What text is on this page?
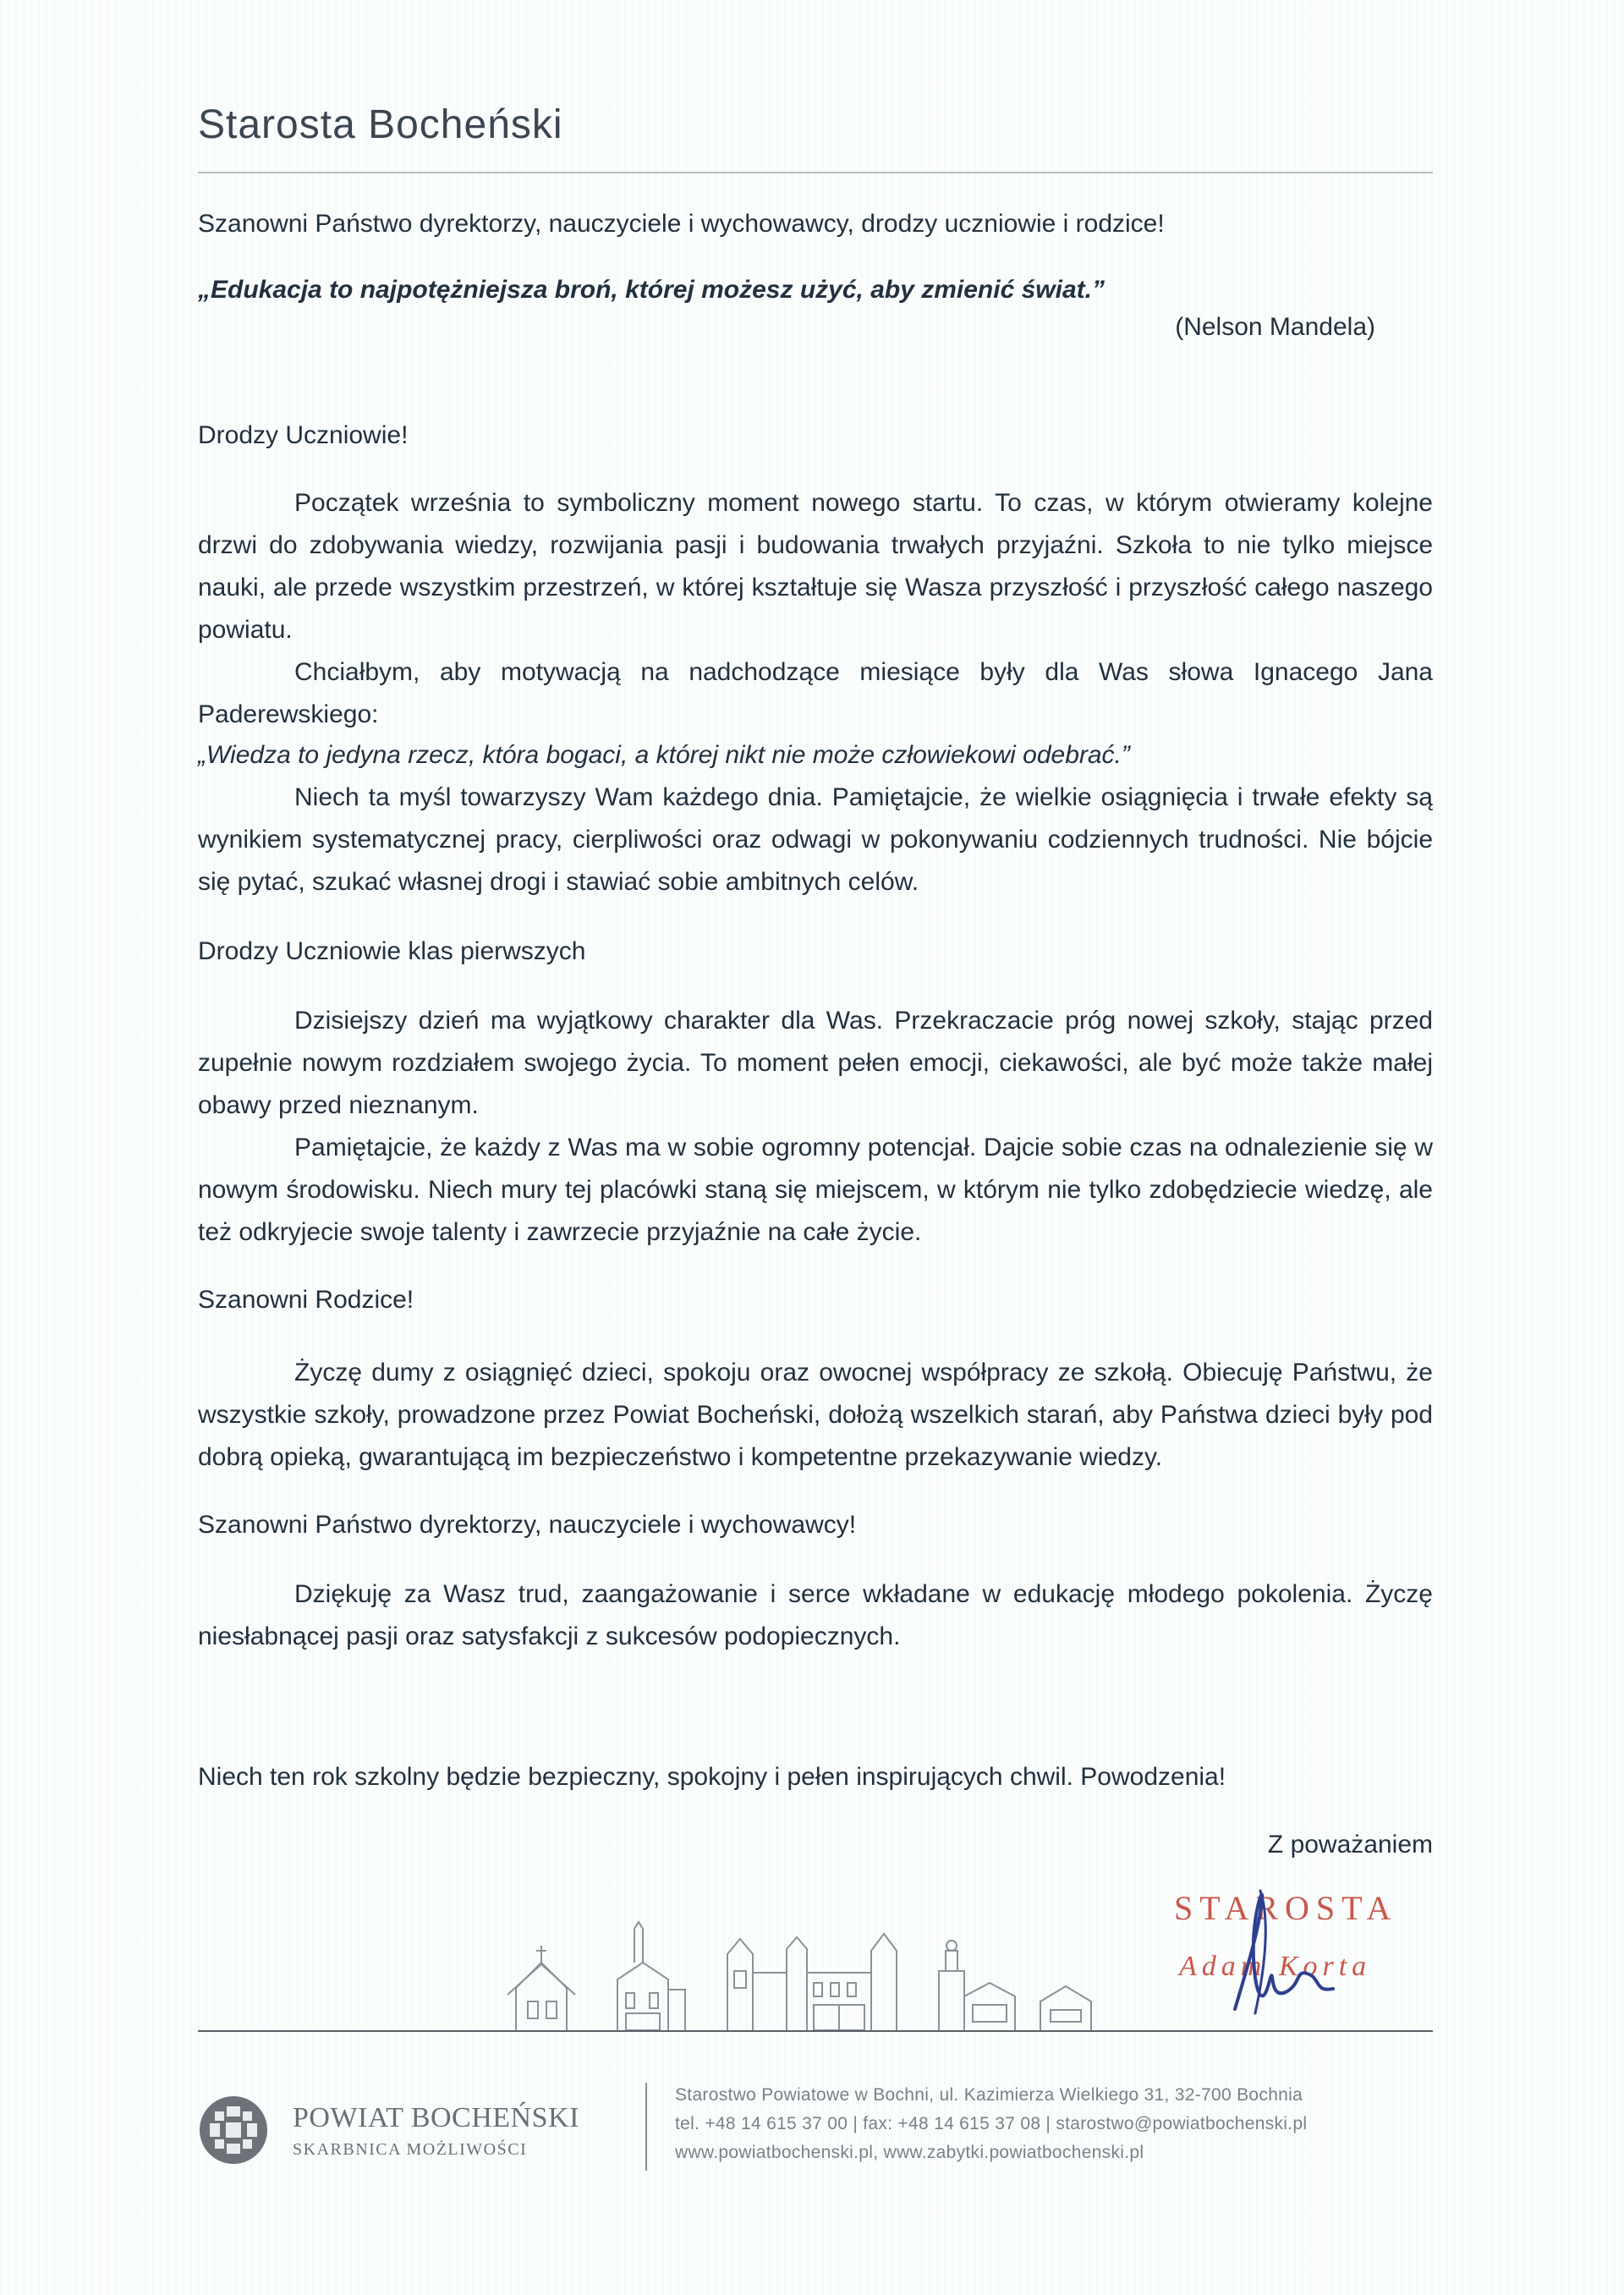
Starosta Bocheński
Szanowni Państwo dyrektorzy, nauczyciele i wychowawcy, drodzy uczniowie i rodzice!
„Edukacja to najpotężniejsza broń, której możesz użyć, aby zmienić świat.”
(Nelson Mandela)
Drodzy Uczniowie!
Początek września to symboliczny moment nowego startu. To czas, w którym otwieramy kolejne drzwi do zdobywania wiedzy, rozwijania pasji i budowania trwałych przyjaźni. Szkoła to nie tylko miejsce nauki, ale przede wszystkim przestrzeń, w której kształtuje się Wasza przyszłość i przyszłość całego naszego powiatu.
Chciałbym, aby motywacją na nadchodzące miesiące były dla Was słowa Ignacego Jana Paderewskiego:
„Wiedza to jedyna rzecz, która bogaci, a której nikt nie może człowiekowi odebrać.”
Niech ta myśl towarzyszy Wam każdego dnia. Pamiętajcie, że wielkie osiągnięcia i trwałe efekty są wynikiem systematycznej pracy, cierpliwości oraz odwagi w pokonywaniu codziennych trudności. Nie bójcie się pytać, szukać własnej drogi i stawiać sobie ambitnych celów.
Drodzy Uczniowie klas pierwszych
Dzisiejszy dzień ma wyjątkowy charakter dla Was. Przekraczacie próg nowej szkoły, stając przed zupełnie nowym rozdziałem swojego życia. To moment pełen emocji, ciekawości, ale być może także małej obawy przed nieznanym.
Pamiętajcie, że każdy z Was ma w sobie ogromny potencjał. Dajcie sobie czas na odnalezienie się w nowym środowisku. Niech mury tej placówki staną się miejscem, w którym nie tylko zdobędziecie wiedzę, ale też odkryjecie swoje talenty i zawrzecie przyjaźnie na całe życie.
Szanowni Rodzice!
Życzę dumy z osiągnięć dzieci, spokoju oraz owocnej współpracy ze szkołą. Obiecuję Państwu, że wszystkie szkoły, prowadzone przez Powiat Bocheński, dołożą wszelkich starań, aby Państwa dzieci były pod dobrą opieką, gwarantującą im bezpieczeństwo i kompetentne przekazywanie wiedzy.
Szanowni Państwo dyrektorzy, nauczyciele i wychowawcy!
Dziękuję za Wasz trud, zaangażowanie i serce wkładane w edukację młodego pokolenia. Życzę niesłabnącej pasji oraz satysfakcji z sukcesów podopiecznych.
Niech ten rok szkolny będzie bezpieczny, spokojny i pełen inspirujących chwil. Powodzenia!
Z poważaniem
STAROSTA
Adam Korta
POWIAT BOCHEŃSKI
SKARBNICA MOŻLIWOŚCI
Starostwo Powiatowe w Bochni, ul. Kazimierza Wielkiego 31, 32-700 Bochnia
tel. +48 14 615 37 00 | fax: +48 14 615 37 08 | starostwo@powiatbochenski.pl
www.powiatbochenski.pl, www.zabytki.powiatbochenski.pl
